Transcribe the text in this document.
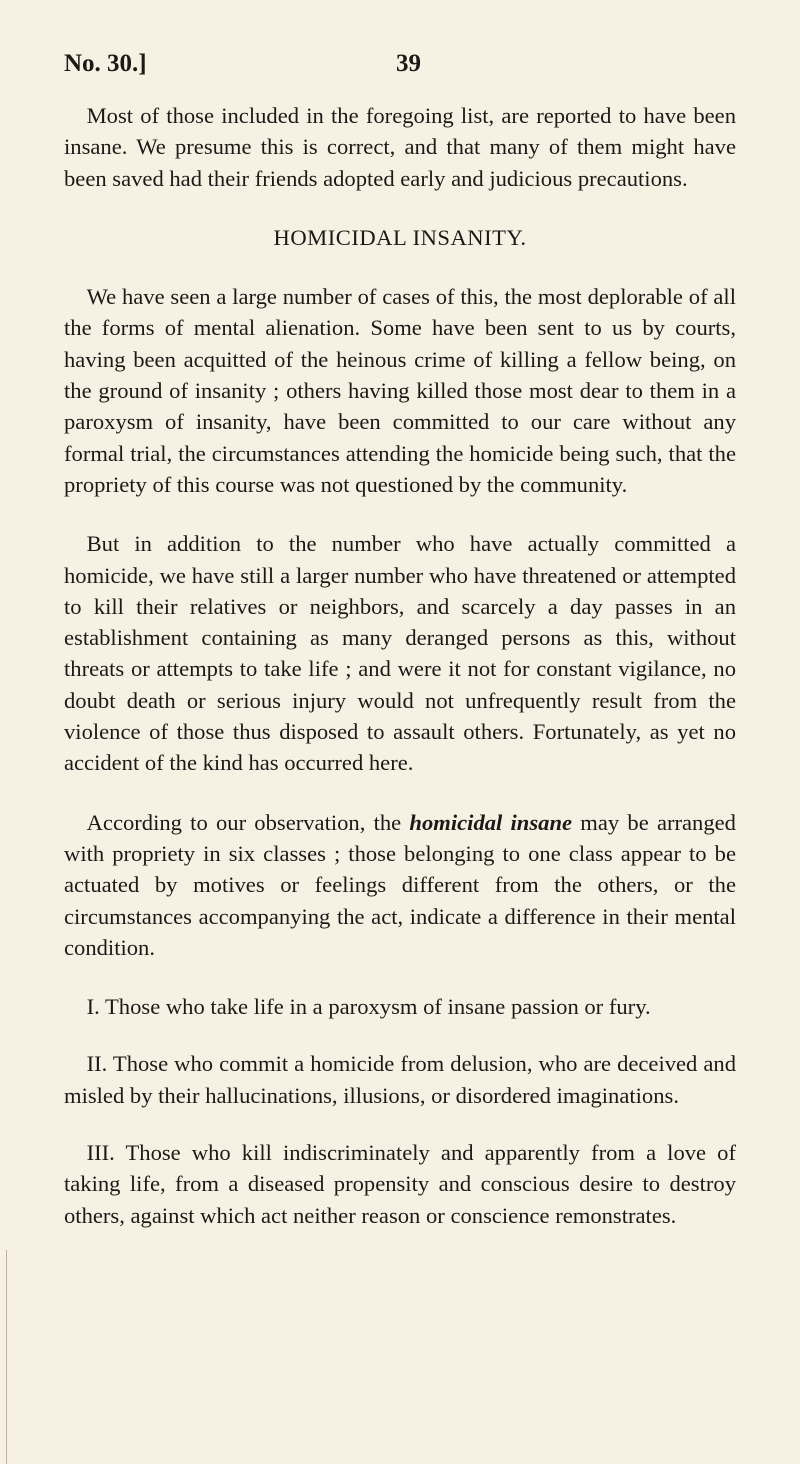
No. 30.]	39

Most of those included in the foregoing list, are reported to have been insane. We presume this is correct, and that many of them might have been saved had their friends adopted early and judicious precautions.

HOMICIDAL INSANITY.

We have seen a large number of cases of this, the most deplorable of all the forms of mental alienation. Some have been sent to us by courts, having been acquitted of the heinous crime of killing a fellow being, on the ground of insanity ; others having killed those most dear to them in a paroxysm of insanity, have been committed to our care without any formal trial, the circumstances attending the homicide being such, that the propriety of this course was not questioned by the community.

But in addition to the number who have actually committed a homicide, we have still a larger number who have threatened or attempted to kill their relatives or neighbors, and scarcely a day passes in an establishment containing as many deranged persons as this, without threats or attempts to take life ; and were it not for constant vigilance, no doubt death or serious injury would not unfrequently result from the violence of those thus disposed to assault others. Fortunately, as yet no accident of the kind has occurred here.

According to our observation, the homicidal insane may be arranged with propriety in six classes ; those belonging to one class appear to be actuated by motives or feelings different from the others, or the circumstances accompanying the act, indicate a difference in their mental condition.

I. Those who take life in a paroxysm of insane passion or fury.

II. Those who commit a homicide from delusion, who are deceived and misled by their hallucinations, illusions, or disordered imaginations.

III. Those who kill indiscriminately and apparently from a love of taking life, from a diseased propensity and conscious desire to destroy others, against which act neither reason or conscience remonstrates.
